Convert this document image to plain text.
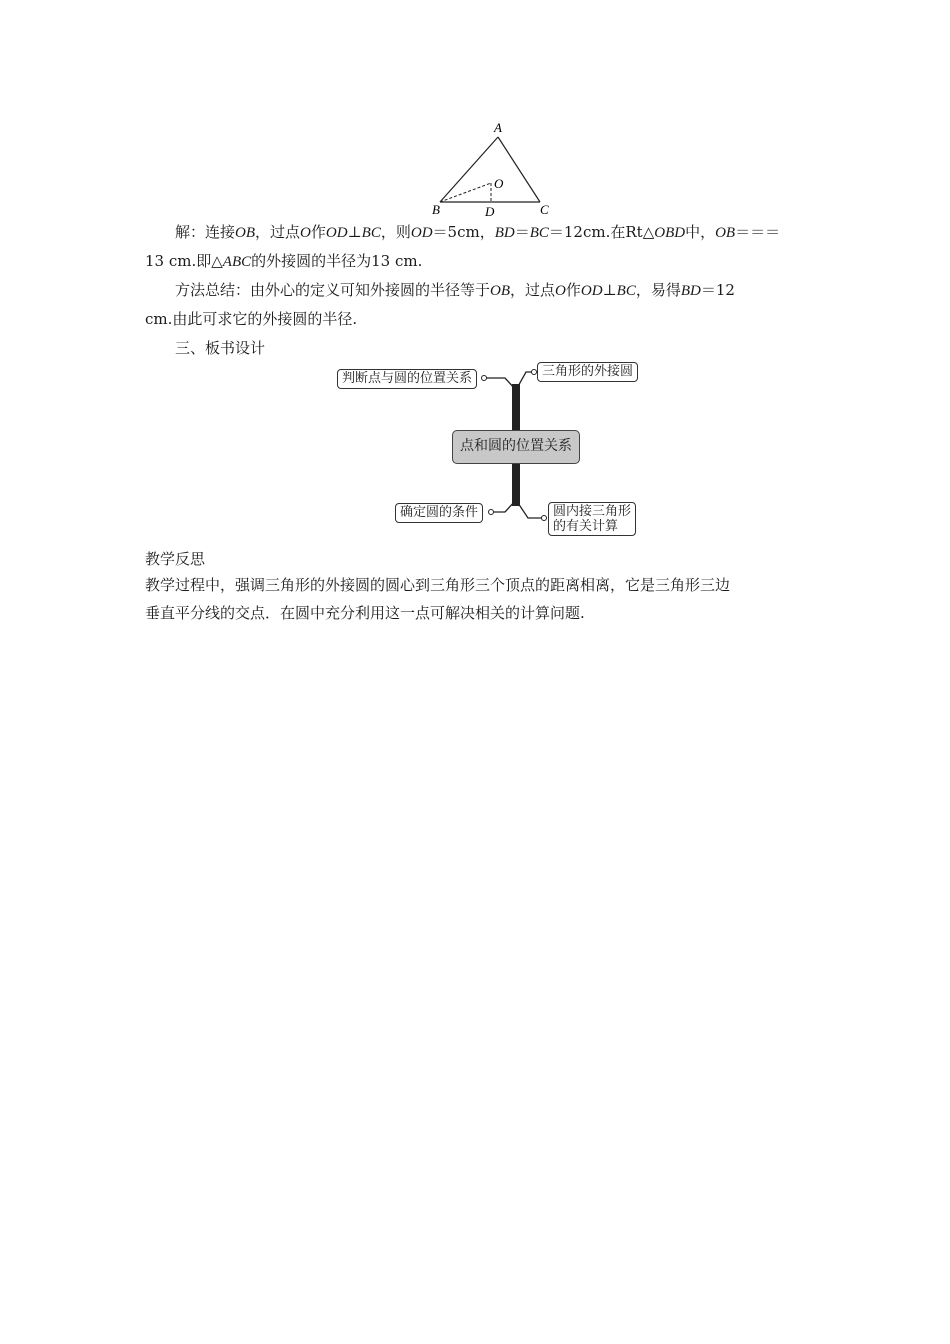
A
B	C
D
O
解：连接OB，过点O作OD⊥BC，则OD＝5cm，BD＝BC＝12cm.在Rt△OBD中，OB＝＝＝
13 cm.即△ABC的外接圆的半径为13 cm.
方法总结：由外心的定义可知外接圆的半径等于OB，过点O作OD⊥BC，易得BD＝12
cm.由此可求它的外接圆的半径.
三、板书设计
判断点与圆的位置关系	三角形的外接圆
点和圆的位置关系
确定圆的条件	圆内接三角形
的有关计算
教学反思
教学过程中，强调三角形的外接圆的圆心到三角形三个顶点的距离相离，它是三角形三边
垂直平分线的交点．在圆中充分利用这一点可解决相关的计算问题.
